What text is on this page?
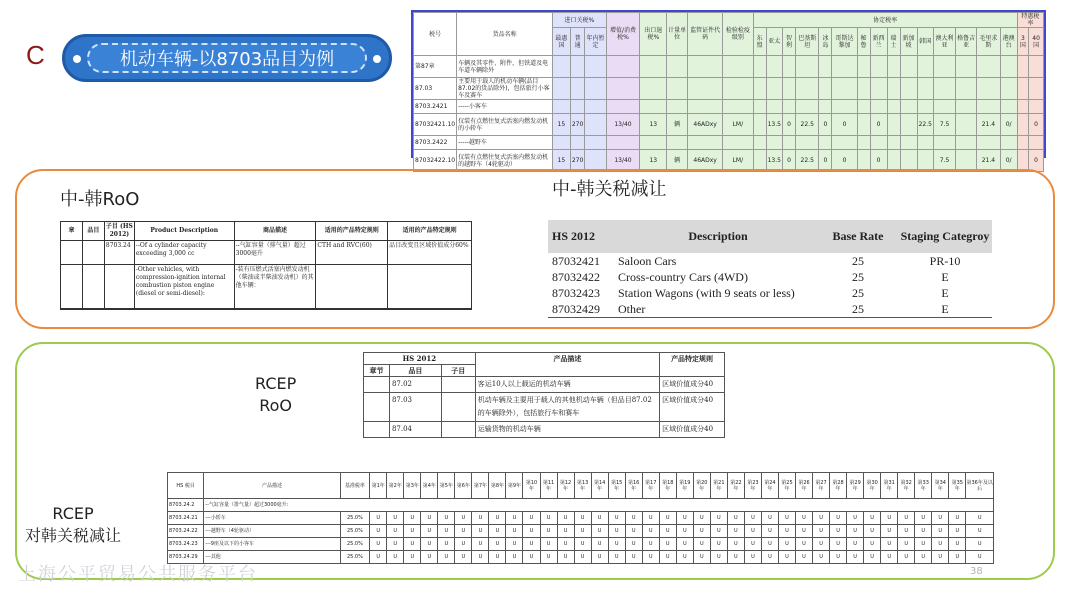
C	机动车辆-以8703品目为例
税号	货品名称	进口关税%			增值/消费税%	出口退税%	计量单位	监管证件代码	检验检疫级别	协定税率															特惠税率	
		最惠国	普通	年内暂定						东盟	亚太	智利	巴基斯坦	冰岛	哥斯达黎加	秘鲁	新西兰	瑞士	新加坡	韩国	澳大利亚	格鲁吉亚	毛里求斯	港澳台	3国	40国
第87章	车辆及其零件、附件，但铁道及电车道车辆除外																									
87.03	主要用于载人的机动车辆(品目87.02的货品除外)，包括旅行小客车及赛车																									
8703.2421	-----小客车																									
87032421.10	仅装有点燃往复式活塞内燃发动机的小轿车	15	270		13/40	13	辆	46ADxy	LM/		13.5	0	22.5	0	0		0			22.5	7.5		21.4	0/		0
8703.2422	-----越野车																									
87032422.10	仅装有点燃往复式活塞内燃发动机的越野车（4轮驱动）	15	270		13/40	13	辆	46ADxy	LM/		13.5	0	22.5	0	0		0				7.5		21.4	0/		0
中-韩RoO	中-韩关税减让
章	品目	子目 (HS 2012)	Product Description	商品描述	适用的产品特定规则	适用的产品特定规则
		8703.24	--Of a cylinder capacity exceeding 3,000 cc	--气缸容量（排气量）超过3000毫升	CTH and RVC(60)	品目改变且区域价值成分60%
			-Other vehicles, with compression-ignition internal combustion piston engine (diesel or semi-diesel):	-装有压燃式活塞内燃发动机（柴油或半柴油发动机）的其他车辆：		
HS 2012	Description	Base Rate	Staging Categroy
87032421	Saloon Cars	25	PR-10
87032422	Cross-country Cars (4WD)	25	E
87032423	Station Wagons (with 9 seats or less)	25	E
87032429	Other	25	E
RCEP
RoO
HS 2012			产品描述	产品特定规则
章节	品目	子目		
	87.02		客运10人以上载运的机动车辆	区域价值成分40
	87.03		机动车辆及主要用于载人的其他机动车辆（但品目87.02的车辆除外），包括旅行车和赛车	区域价值成分40
	87.04		运输货物的机动车辆	区域价值成分40
RCEP
对韩关税减让
HS 税目	产品描述	基准税率	第1年	第2年	第3年	第4年	第5年	第6年	第7年	第8年	第9年	第10年	第11年	第12年	第13年	第14年	第15年	第16年	第17年	第18年	第19年	第20年	第21年	第22年	第23年	第24年	第25年	第26年	第27年	第28年	第29年	第30年	第31年	第32年	第33年	第34年	第35年	第36年及以后
8703.24.2	--气缸容量（排气量）超过3000毫升:																																					
8703.24.21	---小轿车	25.0%	U	U	U	U	U	U	U	U	U	U	U	U	U	U	U	U	U	U	U	U	U	U	U	U	U	U	U	U	U	U	U	U	U	U	U	U
8703.24.22	---越野车（4轮驱动）	25.0%	U	U	U	U	U	U	U	U	U	U	U	U	U	U	U	U	U	U	U	U	U	U	U	U	U	U	U	U	U	U	U	U	U	U	U	U
8703.24.23	---9座及以下的小客车	25.0%	U	U	U	U	U	U	U	U	U	U	U	U	U	U	U	U	U	U	U	U	U	U	U	U	U	U	U	U	U	U	U	U	U	U	U	U
8703.24.29	---其他	25.0%	U	U	U	U	U	U	U	U	U	U	U	U	U	U	U	U	U	U	U	U	U	U	U	U	U	U	U	U	U	U	U	U	U	U	U	U
上海公平贸易公共服务平台	38
